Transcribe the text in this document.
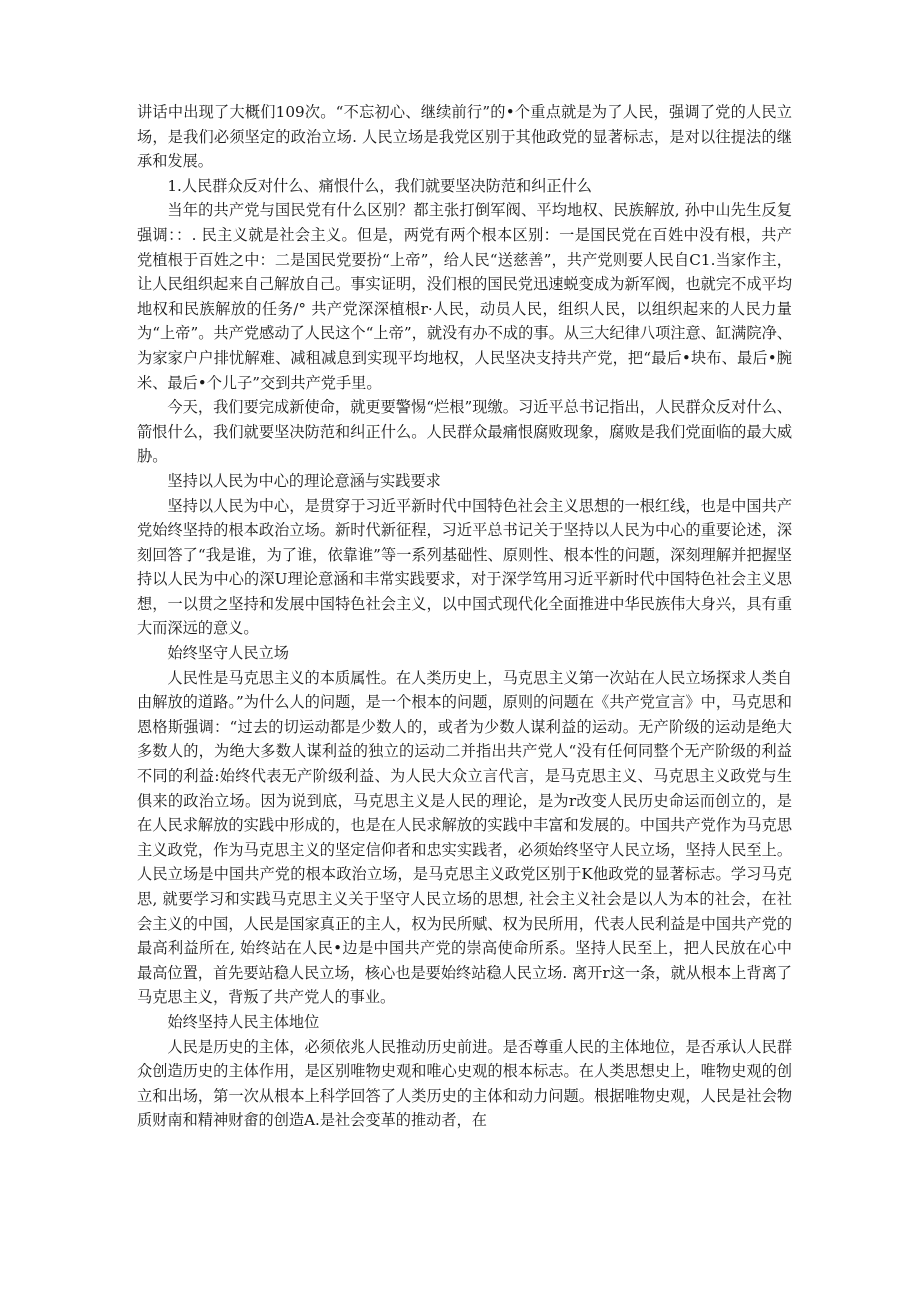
讲话中出现了大概们109次。“不忘初心、继续前行”的•个重点就是为了人民，强调了党的人民立场，是我们必须坚定的政治立场. 人民立场是我党区别于其他政党的显著标志，是对以往提法的继承和发展。

1.人民群众反对什么、痛恨什么，我们就要坚决防范和纠正什么

当年的共产党与国民党有什么区别？都主张打倒军阀、平均地权、民族解放, 孙中山先生反复强调：：. 民主义就是社会主义。但是，两党有两个根本区别：一是国民党在百姓中没有根，共产党植根于百姓之中：二是国民党要扮“上帝”，给人民“送慈善”，共产党则要人民自C1.当家作主，让人民组织起来自己解放自己。事实证明，没们根的国民党迅速蜕变成为新军阀，也就完不成平均地权和民族解放的任务/° 共产党深深植根r·人民，动员人民，组织人民，以组织起来的人民力量为“上帝”。共产党感动了人民这个“上帝”，就没有办不成的事。从三大纪律八项注意、缸满院净、为家家户户排忧解难、减租减息到实现平均地权，人民坚决支持共产党，把“最后•块布、最后•腕米、最后•个儿子”交到共产党手里。

今天，我们要完成新使命，就更要警惕“烂根”现缴。习近平总书记指出，人民群众反对什么、箭恨什么，我们就要坚决防范和纠正什么。人民群众最痛恨腐败现象，腐败是我们党面临的最大威胁。

坚持以人民为中心的理论意涵与实践要求

坚持以人民为中心，是贯穿于习近平新时代中国特色社会主义思想的一根红线，也是中国共产党始终坚持的根本政治立场。新时代新征程，习近平总书记关于坚持以人民为中心的重要论述，深刻回答了“我是谁，为了谁，依靠谁”等一系列基础性、原则性、根本性的问题，深刻理解并把握坚持以人民为中心的深U理论意涵和丰常实践要求，对于深学笃用习近平新时代中国特色社会主义思想，一以贯之坚持和发展中国特色社会主义，以中国式现代化全面推进中华民族伟大身兴，具有重大而深远的意义。

始终坚守人民立场

人民性是马克思主义的本质属性。在人类历史上，马克思主义第一次站在人民立场探求人类自由解放的道路。”为什么人的问题，是一个根本的问题，原则的问题在《共产党宣言》中，马克思和恩格斯强调：“过去的切运动都是少数人的，或者为少数人谋利益的运动。无产阶级的运动是绝大多数人的，为绝大多数人谋利益的独立的运动二并指出共产党人“没有任何同整个无产阶级的利益不同的利益:始终代表无产阶级利益、为人民大众立言代言，是马克思主义、马克思主义政党与生俱来的政治立场。因为说到底，马克思主义是人民的理论，是为r改变人民历史命运而创立的，是在人民求解放的实践中形成的，也是在人民求解放的实践中丰富和发展的。中国共产党作为马克思主义政党，作为马克思主义的坚定信仰者和忠实实践者，必须始终坚守人民立场，坚持人民至上。人民立场是中国共产党的根本政治立场，是马克思主义政党区别于K他政党的显著标志。学习马克思, 就要学习和实践马克思主义关于坚守人民立场的思想, 社会主义社会是以人为本的社会，在社会主义的中国，人民是国家真正的主人，权为民所赋、权为民所用，代表人民利益是中国共产党的最高利益所在, 始终站在人民•边是中国共产党的崇高使命所系。坚持人民至上，把人民放在心中最高位置，首先要站稳人民立场，核心也是要始终站稳人民立场. 离开r这一条，就从根本上背离了马克思主义，背叛了共产党人的事业。

始终坚持人民主体地位

人民是历史的主体，必须依兆人民推动历史前进。是否尊重人民的主体地位，是否承认人民群众创造历史的主体作用，是区别唯物史观和唯心史观的根本标志。在人类思想史上，唯物史观的创立和出场，第一次从根本上科学回答了人类历史的主体和动力问题。根据唯物史观，人民是社会物质财南和精神财畲的创造A.是社会变革的推动者，在
